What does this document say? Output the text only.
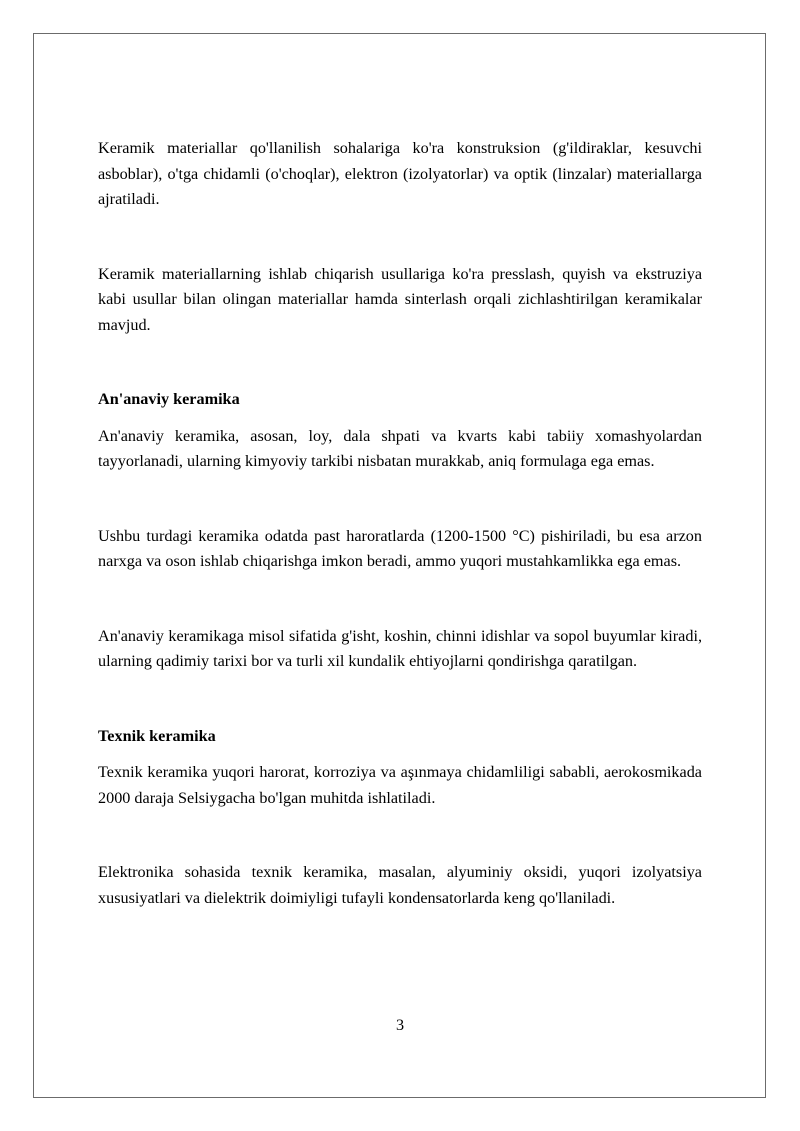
Keramik materiallar qo'llanilish sohalariga ko'ra konstruksion (g'ildiraklar, kesuvchi asboblar), o'tga chidamli (o'choqlar), elektron (izolyatorlar) va optik (linzalar) materiallarga ajratiladi.

Keramik materiallarning ishlab chiqarish usullariga ko'ra presslash, quyish va ekstruziya kabi usullar bilan olingan materiallar hamda sinterlash orqali zichlashtirilgan keramikalar mavjud.

An'anaviy keramika

An'anaviy keramika, asosan, loy, dala shpati va kvarts kabi tabiiy xomashyolardan tayyorlanadi, ularning kimyoviy tarkibi nisbatan murakkab, aniq formulaga ega emas.

Ushbu turdagi keramika odatda past haroratlarda (1200-1500 °C) pishiriladi, bu esa arzon narxga va oson ishlab chiqarishga imkon beradi, ammo yuqori mustahkamlikka ega emas.

An'anaviy keramikaga misol sifatida g'isht, koshin, chinni idishlar va sopol buyumlar kiradi, ularning qadimiy tarixi bor va turli xil kundalik ehtiyojlarni qondirishga qaratilgan.

Texnik keramika

Texnik keramika yuqori harorat, korroziya va aşınmaya chidamliligi sababli, aerokosmikada 2000 daraja Selsiygacha bo'lgan muhitda ishlatiladi.

Elektronika sohasida texnik keramika, masalan, alyuminiy oksidi, yuqori izolyatsiya xususiyatlari va dielektrik doimiyligi tufayli kondensatorlarda keng qo'llaniladi.

3
